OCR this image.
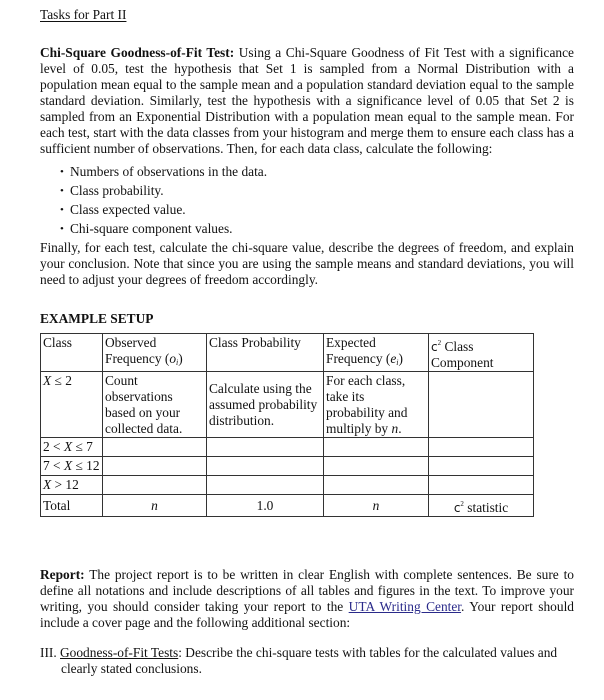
Tasks for Part II
Chi-Square Goodness-of-Fit Test: Using a Chi-Square Goodness of Fit Test with a significance level of 0.05, test the hypothesis that Set 1 is sampled from a Normal Distribution with a population mean equal to the sample mean and a population standard deviation equal to the sample standard deviation. Similarly, test the hypothesis with a significance level of 0.05 that Set 2 is sampled from an Exponential Distribution with a population mean equal to the sample mean. For each test, start with the data classes from your histogram and merge them to ensure each class has a sufficient number of observations. Then, for each data class, calculate the following:
• Numbers of observations in the data.
• Class probability.
• Class expected value.
• Chi-square component values.
Finally, for each test, calculate the chi-square value, describe the degrees of freedom, and explain your conclusion. Note that since you are using the sample means and standard deviations, you will need to adjust your degrees of freedom accordingly.
EXAMPLE SETUP
Class	Observed Frequency $(o_i)$	Class Probability	Expected Frequency $(e_i)$	$c^2$ Class Component
X ≤ 2	Count observations based on your collected data.	Calculate using the assumed probability distribution.	For each class, take its probability and multiply by n.	
2 < X ≤ 7				
7 < X ≤ 12				
X > 12				
Total	n	1.0	n	$c^2$ statistic
Report: The project report is to be written in clear English with complete sentences. Be sure to define all notations and include descriptions of all tables and figures in the text. To improve your writing, you should consider taking your report to the UTA Writing Center. Your report should include a cover page and the following additional section:
III. Goodness-of-Fit Tests: Describe the chi-square tests with tables for the calculated values and
clearly stated conclusions.
